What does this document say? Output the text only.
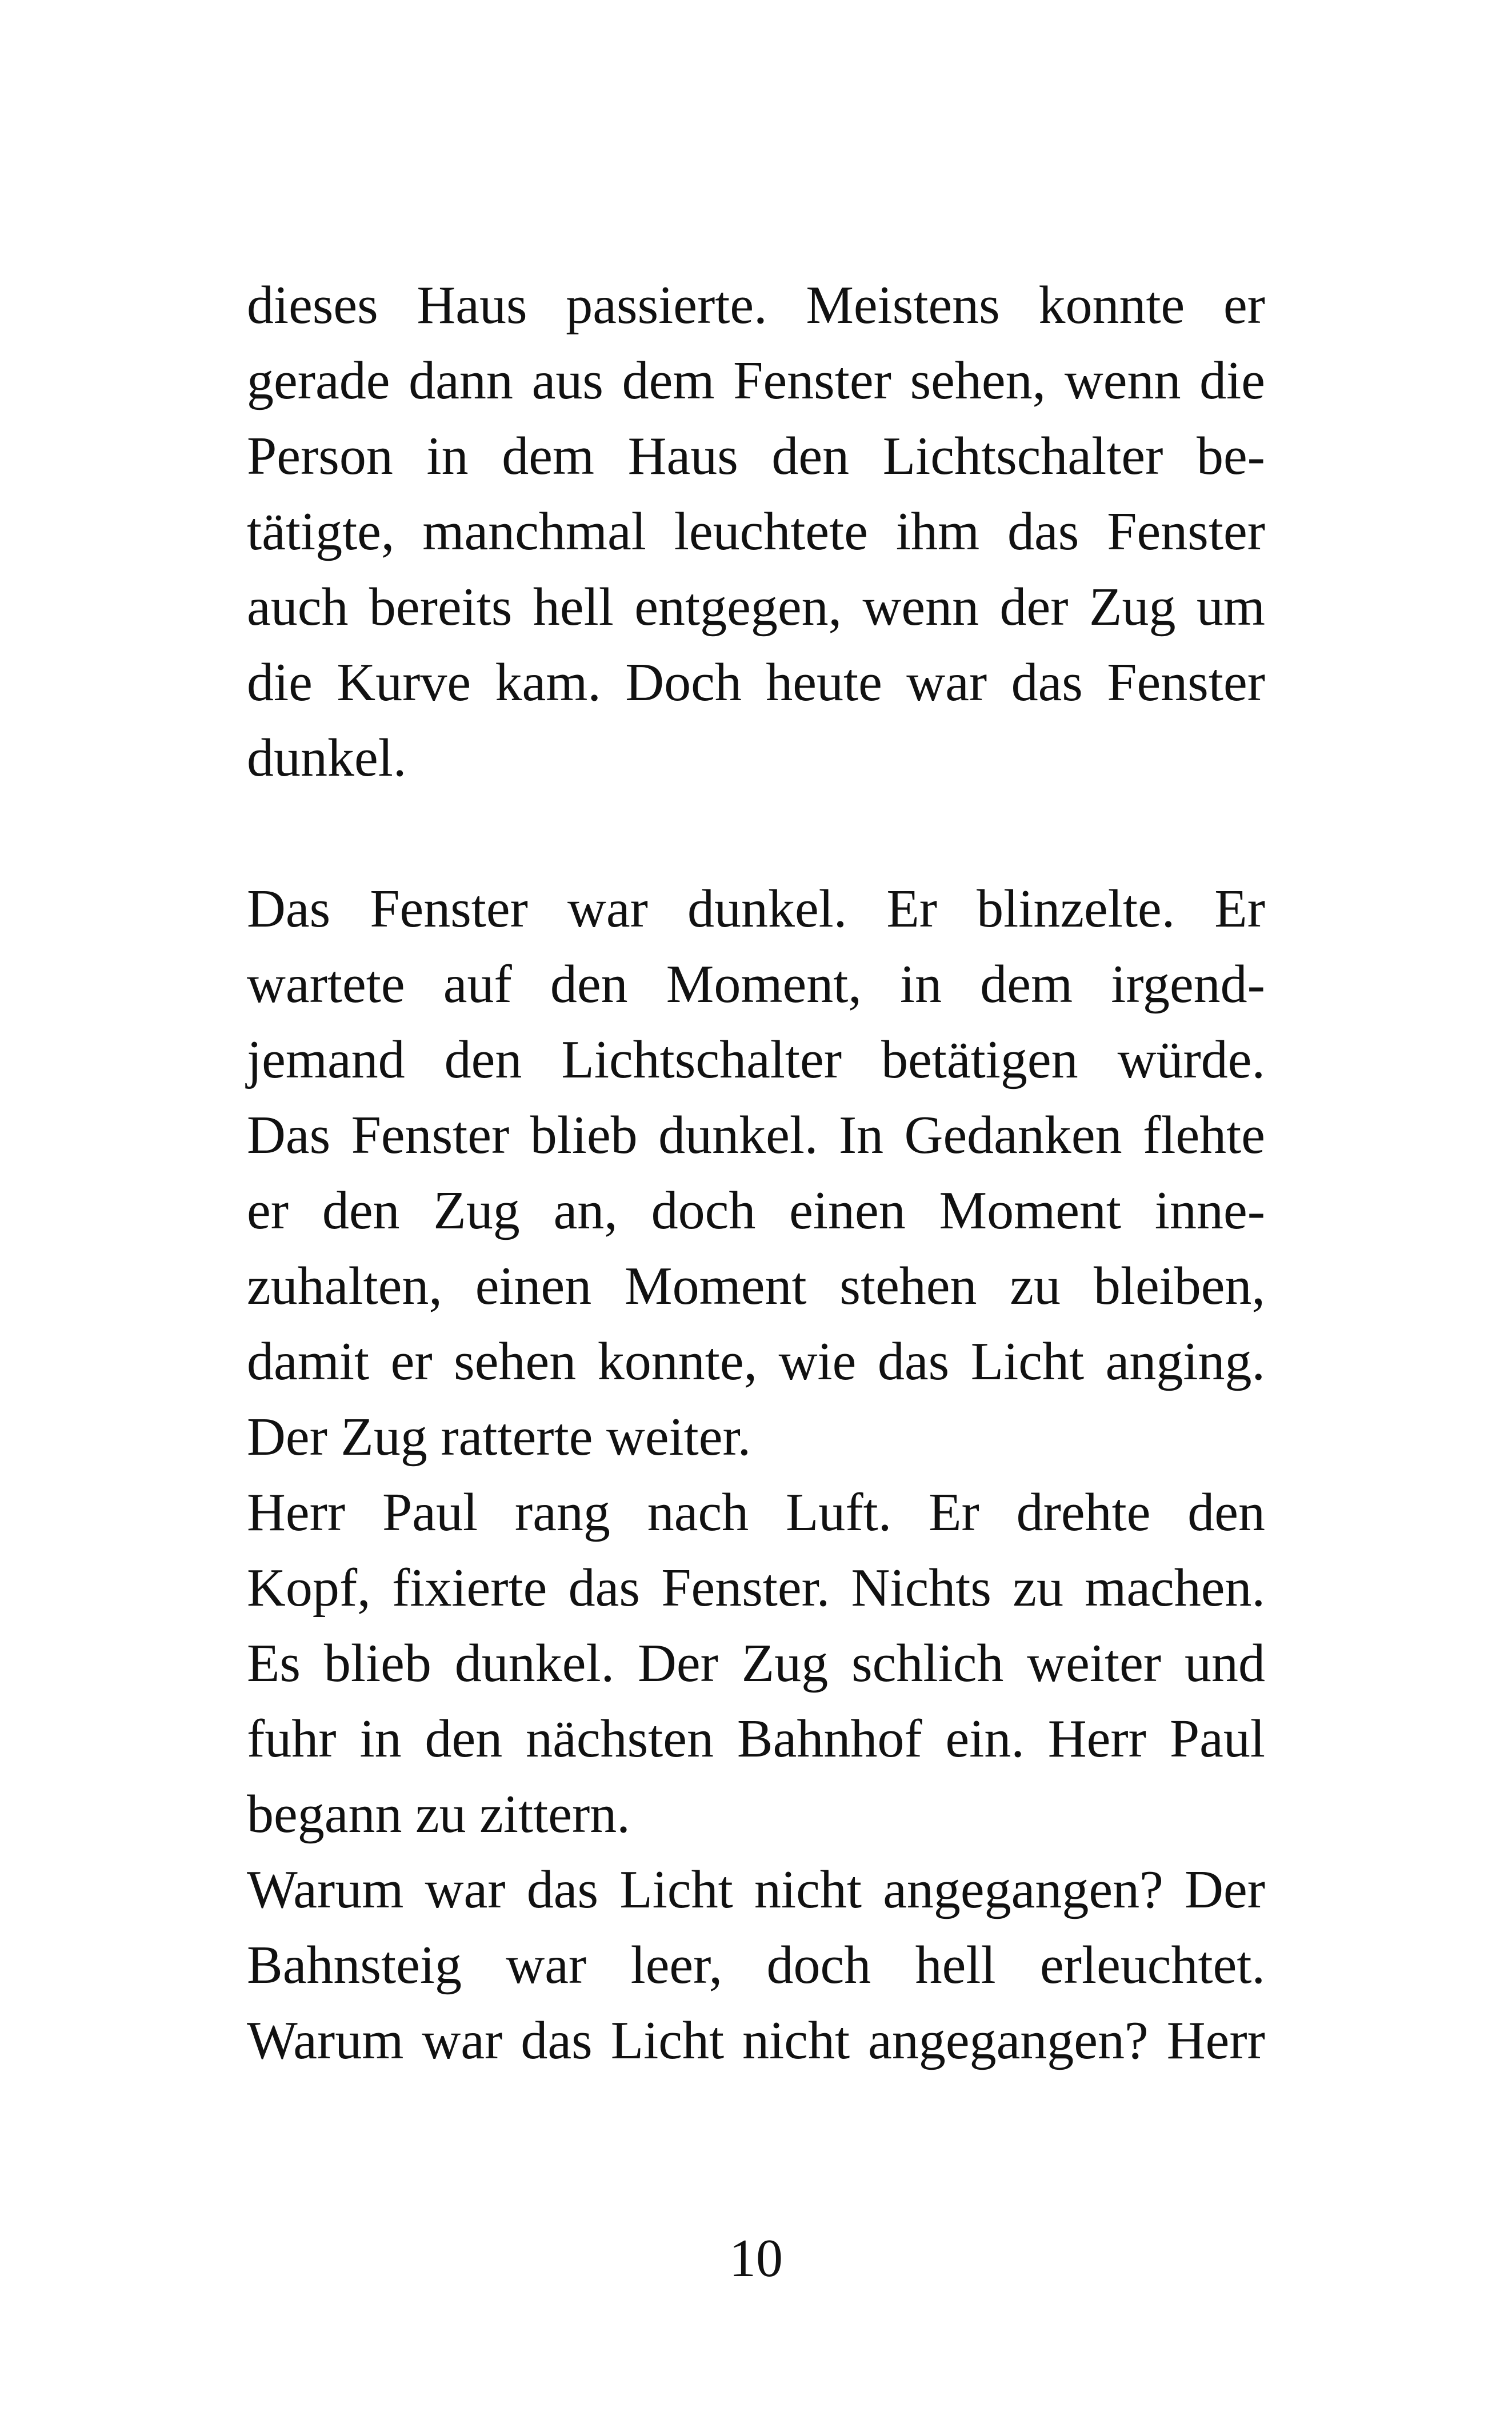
dieses Haus passierte. Meistens konnte er
gerade dann aus dem Fenster sehen, wenn die
Person in dem Haus den Lichtschalter be-
tätigte, manchmal leuchtete ihm das Fenster
auch bereits hell entgegen, wenn der Zug um
die Kurve kam. Doch heute war das Fenster
dunkel.
Das Fenster war dunkel. Er blinzelte. Er
wartete auf den Moment, in dem irgend-
jemand den Lichtschalter betätigen würde.
Das Fenster blieb dunkel. In Gedanken flehte
er den Zug an, doch einen Moment inne-
zuhalten, einen Moment stehen zu bleiben,
damit er sehen konnte, wie das Licht anging.
Der Zug ratterte weiter.
Herr Paul rang nach Luft. Er drehte den
Kopf, fixierte das Fenster. Nichts zu machen.
Es blieb dunkel. Der Zug schlich weiter und
fuhr in den nächsten Bahnhof ein. Herr Paul
begann zu zittern.
Warum war das Licht nicht angegangen? Der
Bahnsteig war leer, doch hell erleuchtet.
Warum war das Licht nicht angegangen? Herr
10
